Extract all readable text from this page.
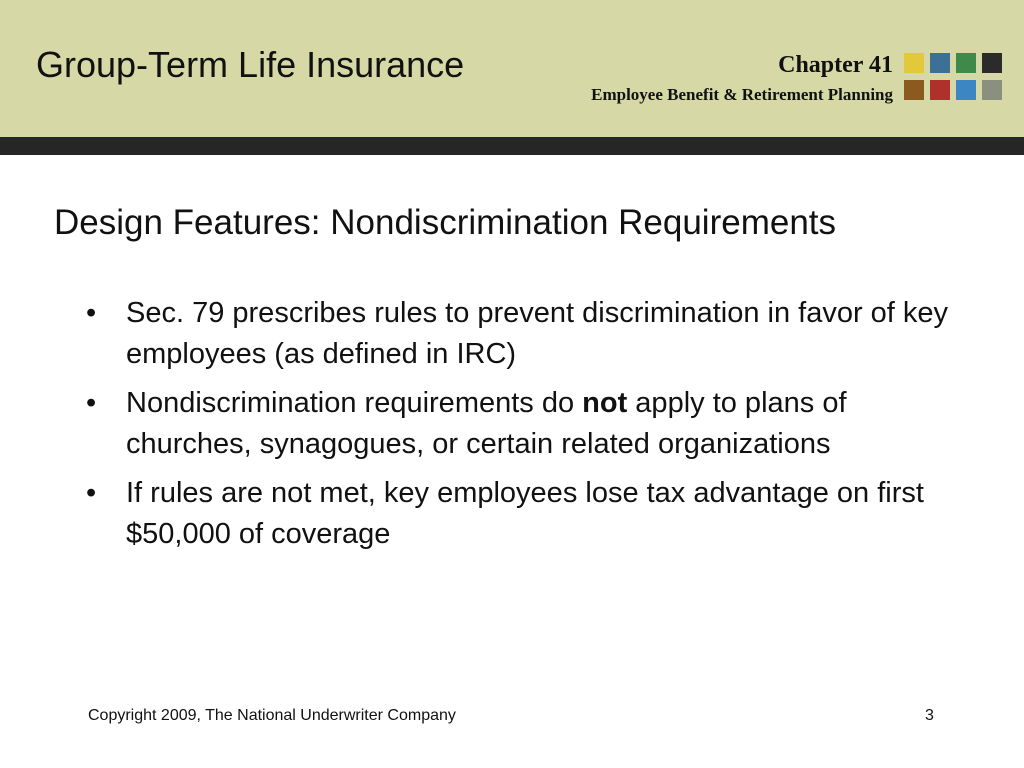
Group-Term Life Insurance	Chapter 41
Employee Benefit & Retirement Planning
Design Features: Nondiscrimination Requirements
• Sec. 79 prescribes rules to prevent discrimination in favor of key employees (as defined in IRC)
• Nondiscrimination requirements do not apply to plans of churches, synagogues, or certain related organizations
• If rules are not met, key employees lose tax advantage on first $50,000 of coverage
Copyright 2009, The National Underwriter Company	3
